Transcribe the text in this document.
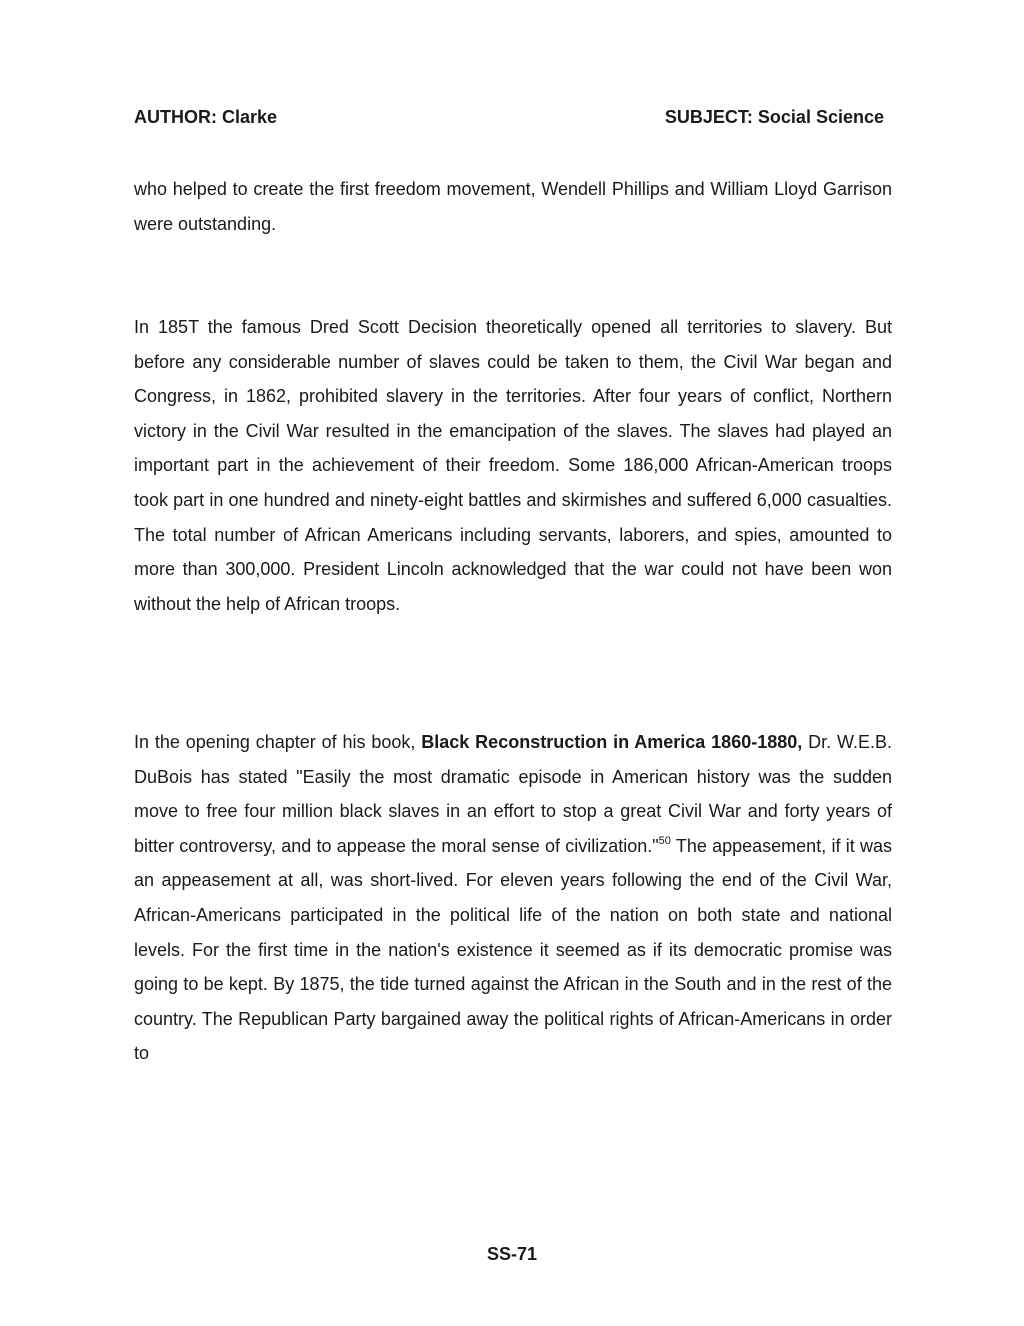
AUTHOR: Clarke	SUBJECT: Social Science

who helped to create the first freedom movement, Wendell Phillips and William Lloyd Garrison were outstanding.

In 185T the famous Dred Scott Decision theoretically opened all territories to slavery. But before any considerable number of slaves could be taken to them, the Civil War began and Congress, in 1862, prohibited slavery in the territories. After four years of conflict, Northern victory in the Civil War resulted in the emancipation of the slaves. The slaves had played an important part in the achievement of their freedom. Some 186,000 African-American troops took part in one hundred and ninety-eight battles and skirmishes and suffered 6,000 casualties. The total number of African Americans including servants, laborers, and spies, amounted to more than 300,000. President Lincoln acknowledged that the war could not have been won without the help of African troops.

In the opening chapter of his book, Black Reconstruction in America 1860-1880, Dr. W.E.B. DuBois has stated "Easily the most dramatic episode in American history was the sudden move to free four million black slaves in an effort to stop a great Civil War and forty years of bitter controversy, and to appease the moral sense of civilization."$^{50}$ The appeasement, if it was an appeasement at all, was short-lived. For eleven years following the end of the Civil War, African-Americans participated in the political life of the nation on both state and national levels. For the first time in the nation's existence it seemed as if its democratic promise was going to be kept. By 1875, the tide turned against the African in the South and in the rest of the country. The Republican Party bargained away the political rights of African-Americans in order to

SS-71
